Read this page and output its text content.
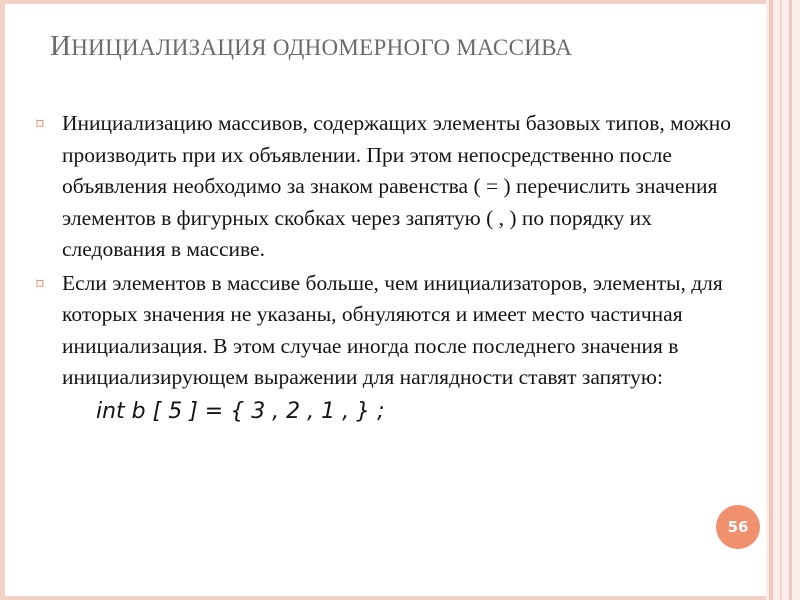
ИНИЦИАЛИЗАЦИЯ ОДНОМЕРНОГО МАССИВА
⌑ Инициализацию массивов, содержащих элементы базовых типов, можно производить при их объявлении. При этом непосредственно после объявления необходимо за знаком равенства ( = ) перечислить значения элементов в фигурных скобках через запятую ( , ) по порядку их следования в массиве.
⌑ Если элементов в массиве больше, чем инициализаторов, элементы, для которых значения не указаны, обнуляются и имеет место частичная инициализация. В этом случае иногда после последнего значения в инициализирующем выражении для наглядности ставят запятую:
int b [ 5 ] = { 3 , 2 , 1 , } ;
56
